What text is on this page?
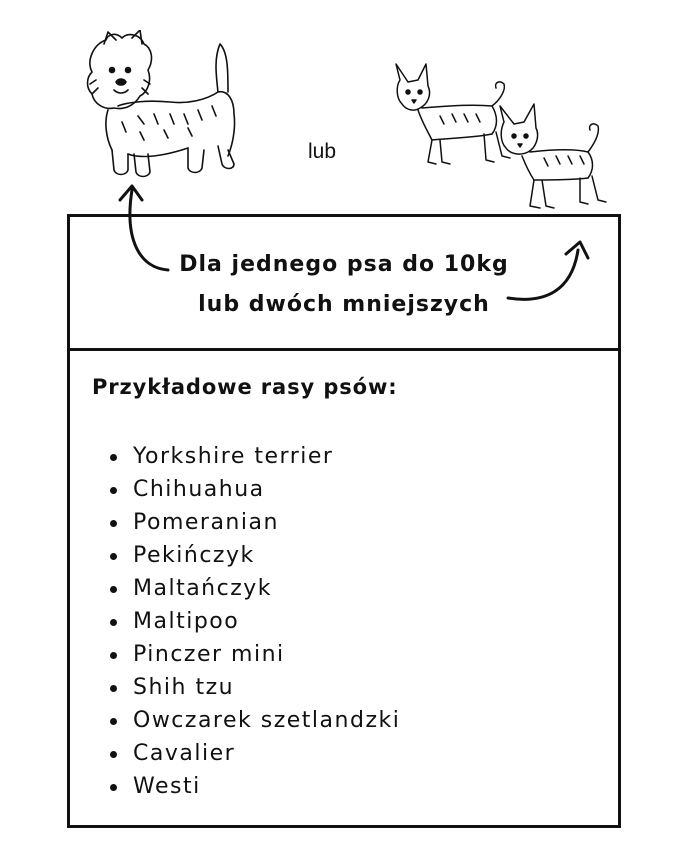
lub
Dla jednego psa do 10kg
lub dwóch mniejszych
Przykładowe rasy psów:
Yorkshire terrier
Chihuahua
Pomeranian
Pekińczyk
Maltańczyk
Maltipoo
Pinczer mini
Shih tzu
Owczarek szetlandzki
Cavalier
Westi
